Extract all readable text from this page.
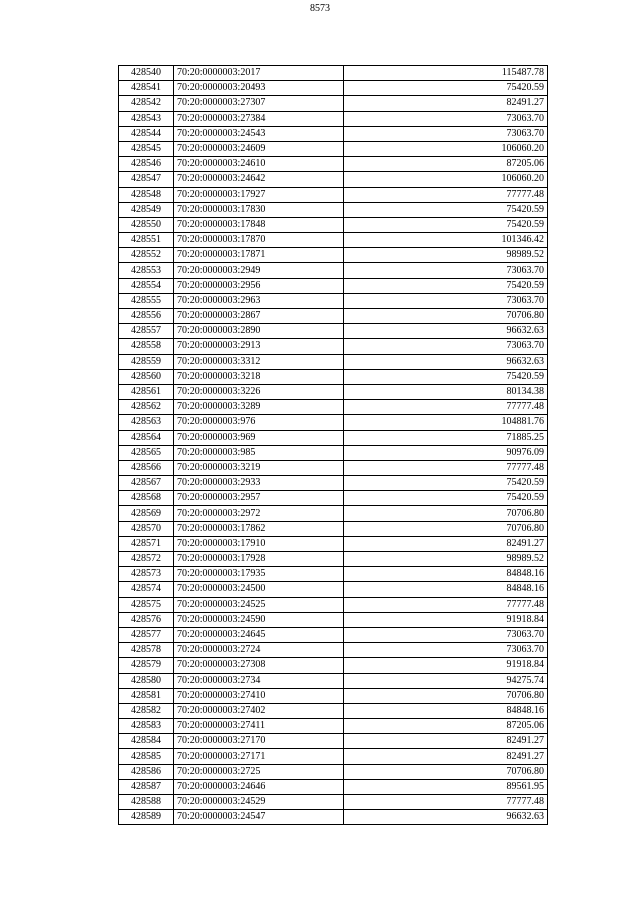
8573
428540	70:20:0000003:2017	115487.78
428541	70:20:0000003:20493	75420.59
428542	70:20:0000003:27307	82491.27
428543	70:20:0000003:27384	73063.70
428544	70:20:0000003:24543	73063.70
428545	70:20:0000003:24609	106060.20
428546	70:20:0000003:24610	87205.06
428547	70:20:0000003:24642	106060.20
428548	70:20:0000003:17927	77777.48
428549	70:20:0000003:17830	75420.59
428550	70:20:0000003:17848	75420.59
428551	70:20:0000003:17870	101346.42
428552	70:20:0000003:17871	98989.52
428553	70:20:0000003:2949	73063.70
428554	70:20:0000003:2956	75420.59
428555	70:20:0000003:2963	73063.70
428556	70:20:0000003:2867	70706.80
428557	70:20:0000003:2890	96632.63
428558	70:20:0000003:2913	73063.70
428559	70:20:0000003:3312	96632.63
428560	70:20:0000003:3218	75420.59
428561	70:20:0000003:3226	80134.38
428562	70:20:0000003:3289	77777.48
428563	70:20:0000003:976	104881.76
428564	70:20:0000003:969	71885.25
428565	70:20:0000003:985	90976.09
428566	70:20:0000003:3219	77777.48
428567	70:20:0000003:2933	75420.59
428568	70:20:0000003:2957	75420.59
428569	70:20:0000003:2972	70706.80
428570	70:20:0000003:17862	70706.80
428571	70:20:0000003:17910	82491.27
428572	70:20:0000003:17928	98989.52
428573	70:20:0000003:17935	84848.16
428574	70:20:0000003:24500	84848.16
428575	70:20:0000003:24525	77777.48
428576	70:20:0000003:24590	91918.84
428577	70:20:0000003:24645	73063.70
428578	70:20:0000003:2724	73063.70
428579	70:20:0000003:27308	91918.84
428580	70:20:0000003:2734	94275.74
428581	70:20:0000003:27410	70706.80
428582	70:20:0000003:27402	84848.16
428583	70:20:0000003:27411	87205.06
428584	70:20:0000003:27170	82491.27
428585	70:20:0000003:27171	82491.27
428586	70:20:0000003:2725	70706.80
428587	70:20:0000003:24646	89561.95
428588	70:20:0000003:24529	77777.48
428589	70:20:0000003:24547	96632.63
